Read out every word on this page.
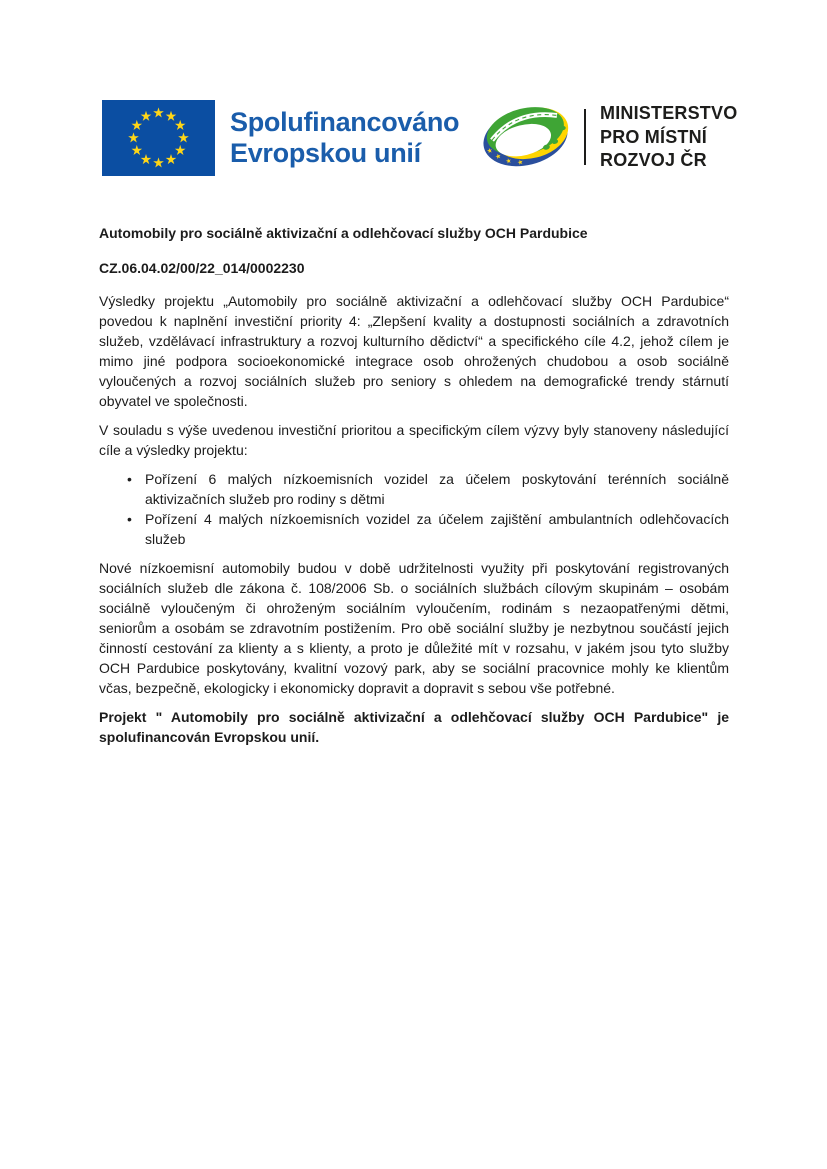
Spolufinancováno
Evropskou unií
MINISTERSTVO
PRO MÍSTNÍ
ROZVOJ ČR
Automobily pro sociálně aktivizační a odlehčovací služby OCH Pardubice

CZ.06.04.02/00/22_014/0002230

Výsledky projektu „Automobily pro sociálně aktivizační a odlehčovací služby OCH Pardubice“ povedou k naplnění investiční priority 4: „Zlepšení kvality a dostupnosti sociálních a zdravotních služeb, vzdělávací infrastruktury a rozvoj kulturního dědictví“ a specifického cíle 4.2, jehož cílem je mimo jiné podpora socioekonomické integrace osob ohrožených chudobou a osob sociálně vyloučených a rozvoj sociálních služeb pro seniory s ohledem na demografické trendy stárnutí obyvatel ve společnosti.

V souladu s výše uvedenou investiční prioritou a specifickým cílem výzvy byly stanoveny následující cíle a výsledky projektu:

• Pořízení 6 malých nízkoemisních vozidel za účelem poskytování terénních sociálně aktivizačních služeb pro rodiny s dětmi
• Pořízení 4 malých nízkoemisních vozidel za účelem zajištění ambulantních odlehčovacích služeb

Nové nízkoemisní automobily budou v době udržitelnosti využity při poskytování registrovaných sociálních služeb dle zákona č. 108/2006 Sb. o sociálních službách cílovým skupinám – osobám sociálně vyloučeným či ohroženým sociálním vyloučením, rodinám s nezaopatřenými dětmi, seniorům a osobám se zdravotním postižením. Pro obě sociální služby je nezbytnou součástí jejich činností cestování za klienty a s klienty, a proto je důležité mít v rozsahu, v jakém jsou tyto služby OCH Pardubice poskytovány, kvalitní vozový park, aby se sociální pracovnice mohly ke klientům včas, bezpečně, ekologicky i ekonomicky dopravit a dopravit s sebou vše potřebné.

Projekt " Automobily pro sociálně aktivizační a odlehčovací služby OCH Pardubice" je spolufinancován Evropskou unií.
